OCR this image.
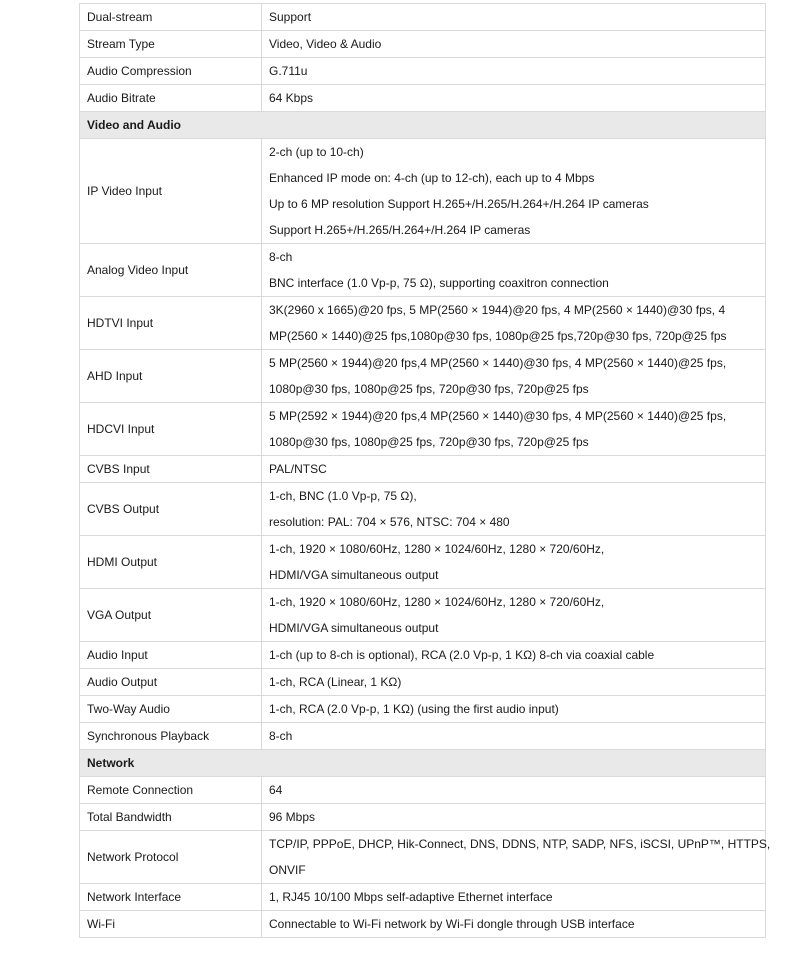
Dual-stream	Support

Stream Type	Video, Video & Audio

Audio Compression	G.711u

Audio Bitrate	64 Kbps

Video and Audio	

IP Video Input	2-ch (up to 10-ch)
Enhanced IP mode on: 4-ch (up to 12-ch), each up to 4 Mbps
Up to 6 MP resolution Support H.265+/H.265/H.264+/H.264 IP cameras
Support H.265+/H.265/H.264+/H.264 IP cameras

Analog Video Input	8-ch
BNC interface (1.0 Vp-p, 75 Ω), supporting coaxitron connection

HDTVI Input	3K(2960 x 1665)@20 fps, 5 MP(2560 × 1944)@20 fps, 4 MP(2560 × 1440)@30 fps, 4
MP(2560 × 1440)@25 fps,1080p@30 fps, 1080p@25 fps,720p@30 fps, 720p@25 fps

AHD Input	5 MP(2560 × 1944)@20 fps,4 MP(2560 × 1440)@30 fps, 4 MP(2560 × 1440)@25 fps,
1080p@30 fps, 1080p@25 fps, 720p@30 fps, 720p@25 fps

HDCVI Input	5 MP(2592 × 1944)@20 fps,4 MP(2560 × 1440)@30 fps, 4 MP(2560 × 1440)@25 fps,
1080p@30 fps, 1080p@25 fps, 720p@30 fps, 720p@25 fps

CVBS Input	PAL/NTSC

CVBS Output	1-ch, BNC (1.0 Vp-p, 75 Ω),
resolution: PAL: 704 × 576, NTSC: 704 × 480

HDMI Output	1-ch, 1920 × 1080/60Hz, 1280 × 1024/60Hz, 1280 × 720/60Hz,
HDMI/VGA simultaneous output

VGA Output	1-ch, 1920 × 1080/60Hz, 1280 × 1024/60Hz, 1280 × 720/60Hz,
HDMI/VGA simultaneous output

Audio Input	1-ch (up to 8-ch is optional), RCA (2.0 Vp-p, 1 KΩ) 8-ch via coaxial cable

Audio Output	1-ch, RCA (Linear, 1 KΩ)

Two-Way Audio	1-ch, RCA (2.0 Vp-p, 1 KΩ) (using the first audio input)

Synchronous Playback	8-ch

Network	

Remote Connection	64

Total Bandwidth	96 Mbps

Network Protocol	TCP/IP, PPPoE, DHCP, Hik-Connect, DNS, DDNS, NTP, SADP, NFS, iSCSI, UPnP™, HTTPS,
ONVIF

Network Interface	1, RJ45 10/100 Mbps self-adaptive Ethernet interface

Wi-Fi	Connectable to Wi-Fi network by Wi-Fi dongle through USB interface
